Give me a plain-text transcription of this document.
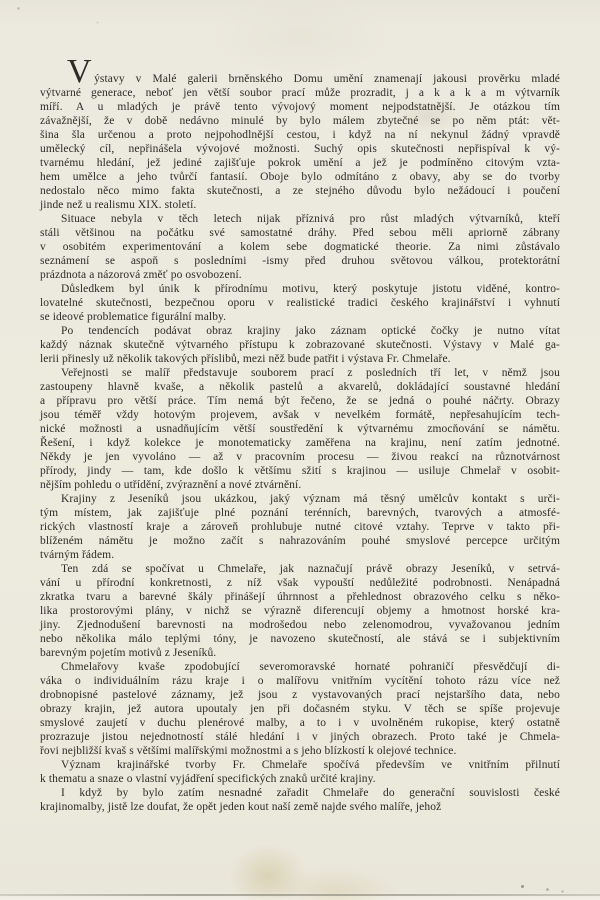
Výstavy v Malé galerii brněnského Domu umění znamenají jakousi prověrku mladé
výtvarné generace, neboť jen větší soubor prací může prozradit, j a k a k a m výtvarník
míří. A u mladých je právě tento vývojový moment nejpodstatnější. Je otázkou tím
závažnější, že v době nedávno minulé by bylo málem zbytečné se po něm ptát: vět-
šina šla určenou a proto nejpohodlnější cestou, i když na ní nekynul žádný vpravdě
umělecký cíl, nepřinášela vývojové možnosti. Suchý opis skutečnosti nepřispíval k vý-
tvarnému hledání, jež jediné zajišťuje pokrok umění a jež je podmíněno citovým vzta-
hem umělce a jeho tvůrčí fantasií. Oboje bylo odmítáno z obavy, aby se do tvorby
nedostalo něco mimo fakta skutečnosti, a ze stejného důvodu bylo nežádoucí i poučení
jinde než u realismu XIX. století.
Situace nebyla v těch letech nijak příznivá pro růst mladých výtvarníků, kteří
stáli většinou na počátku své samostatné dráhy. Před sebou měli apriorně zábrany
v osobitém experimentování a kolem sebe dogmatické theorie. Za nimi zůstávalo
seznámení se aspoň s posledními -ismy před druhou světovou válkou, protektorátní
prázdnota a názorová změť po osvobození.
Důsledkem byl únik k přírodnímu motivu, který poskytuje jistotu viděné, kontro-
lovatelné skutečnosti, bezpečnou oporu v realistické tradici českého krajinářství i vyhnutí
se ideové problematice figurální malby.
Po tendencích podávat obraz krajiny jako záznam optické čočky je nutno vítat
každý náznak skutečně výtvarného přístupu k zobrazované skutečnosti. Výstavy v Malé ga-
lerii přinesly už několik takových příslibů, mezi něž bude patřit i výstava Fr. Chmelaře.
Veřejnosti se malíř představuje souborem prací z posledních tří let, v němž jsou
zastoupeny hlavně kvaše, a několik pastelů a akvarelů, dokládající soustavné hledání
a přípravu pro větší práce. Tím nemá být řečeno, že se jedná o pouhé náčrty. Obrazy
jsou téměř vždy hotovým projevem, avšak v nevelkém formátě, nepřesahujícím tech-
nické možnosti a usnadňujícím větší soustředění k výtvarnému zmocňování se námětu.
Řešení, i když kolekce je monotematicky zaměřena na krajinu, není zatím jednotné.
Někdy je jen vyvoláno — až v pracovním procesu — živou reakcí na různotvárnost
přírody, jindy — tam, kde došlo k většímu sžití s krajinou — usiluje Chmelař v osobit-
nějším pohledu o utřídění, zvýraznění a nové ztvárnění.
Krajiny z Jeseníků jsou ukázkou, jaký význam má těsný umělcův kontakt s urči-
tým místem, jak zajišťuje plné poznání terénních, barevných, tvarových a atmosfé-
rických vlastností kraje a zároveň prohlubuje nutné citové vztahy. Teprve v takto při-
blíženém námětu je možno začít s nahrazováním pouhé smyslové percepce určitým
tvárným řádem.
Ten zdá se spočívat u Chmelaře, jak naznačují právě obrazy Jeseníků, v setrvá-
vání u přírodní konkretnosti, z níž však vypouští nedůležité podrobnosti. Nenápadná
zkratka tvaru a barevné škály přinášejí úhrnnost a přehlednost obrazového celku s něko-
lika prostorovými plány, v nichž se výrazně diferencují objemy a hmotnost horské kra-
jiny. Zjednodušení barevnosti na modrošedou nebo zelenomodrou, vyvažovanou jedním
nebo několika málo teplými tóny, je navozeno skutečností, ale stává se i subjektivním
barevným pojetím motivů z Jeseníků.
Chmelařovy kvaše zpodobující severomoravské hornaté pohraničí přesvědčují di-
váka o individuálním rázu kraje i o malířovu vnitřním vycítění tohoto rázu více než
drobnopisné pastelové záznamy, jež jsou z vystavovaných prací nejstaršího data, nebo
obrazy krajin, jež autora upoutaly jen při dočasném styku. V těch se spíše projevuje
smyslové zaujetí v duchu plenérové malby, a to i v uvolněném rukopise, který ostatně
prozrazuje jistou nejednotností stálé hledání i v jiných obrazech. Proto také je Chmela-
řovi nejbližší kvaš s většími malířskými možnostmi a s jeho blízkostí k olejové technice.
Význam krajinářské tvorby Fr. Chmelaře spočívá především ve vnitřním přilnutí
k thematu a snaze o vlastní vyjádření specifických znaků určité krajiny.
I když by bylo zatím nesnadné zařadit Chmelaře do generační souvislosti české
krajinomalby, jistě lze doufat, že opět jeden kout naší země najde svého malíře, jehož
